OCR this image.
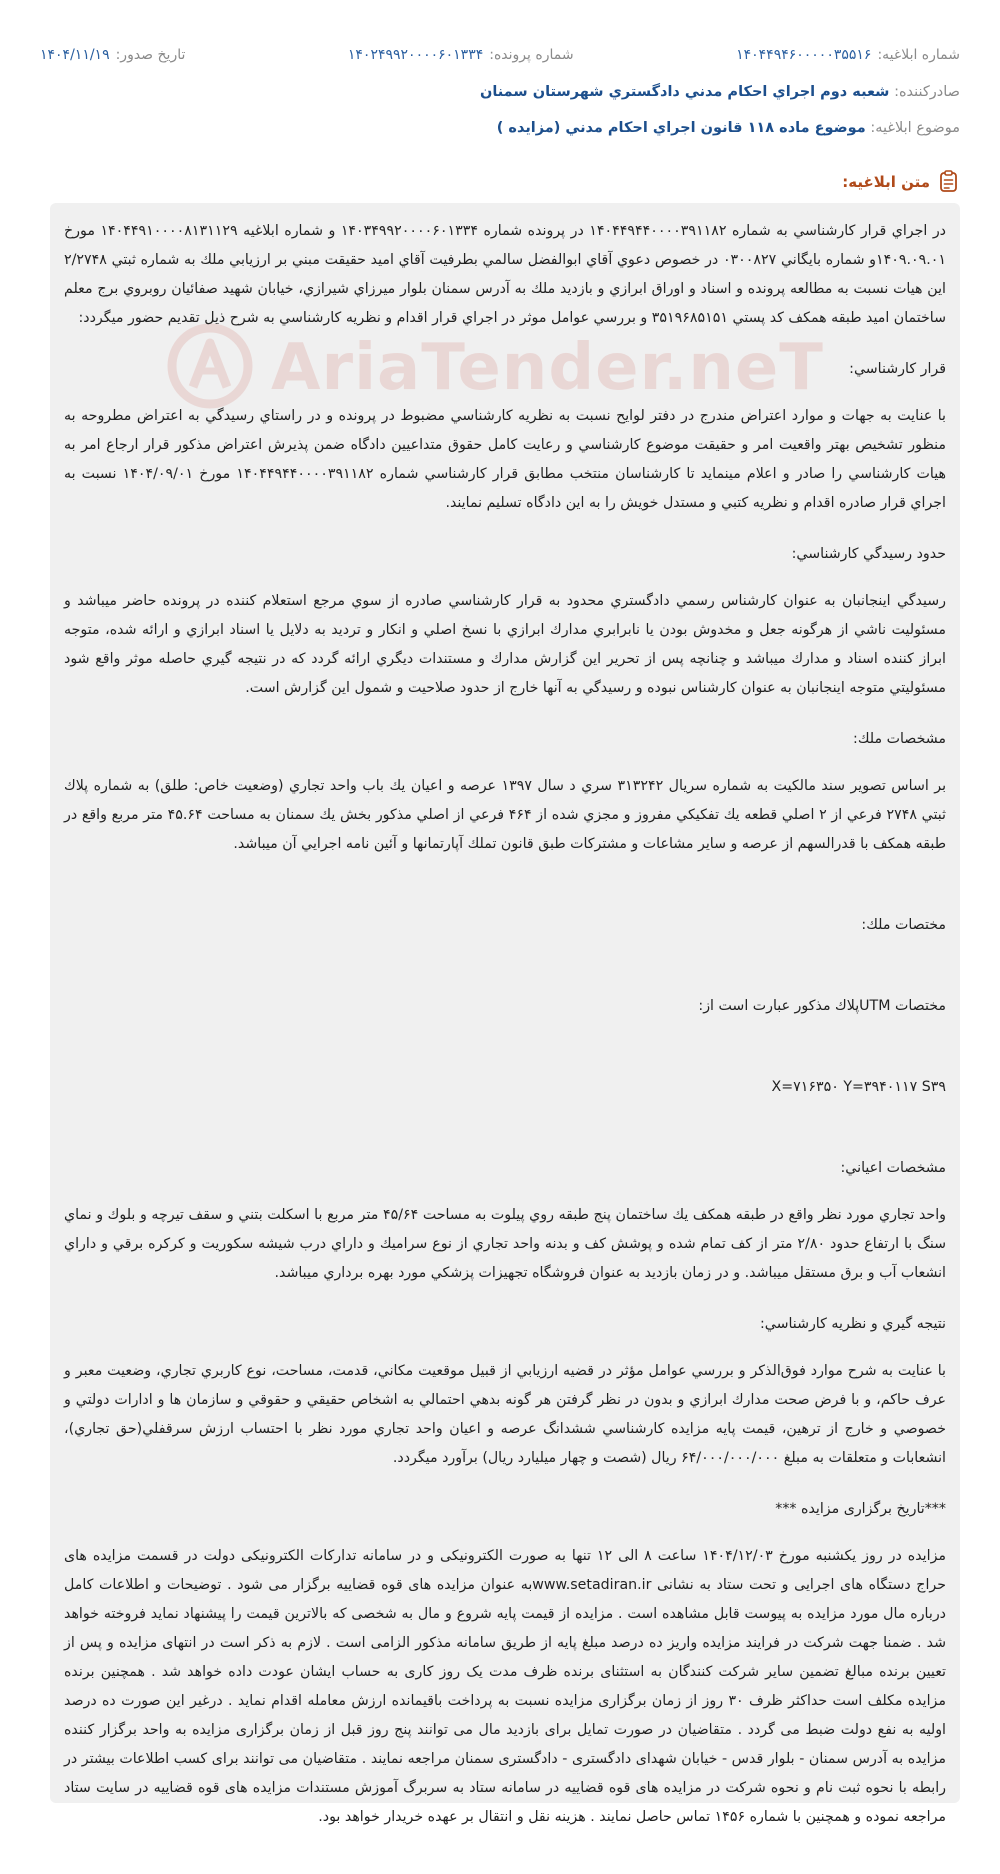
شماره ابلاغيه:
۱۴۰۴۴۹۴۶۰۰۰۰۰۳۵۵۱۶
شماره پرونده:
۱۴۰۲۴۹۹۲۰۰۰۰۶۰۱۳۳۴
تاريخ صدور:
۱۴۰۴/۱۱/۱۹
صادرکننده: شعبه دوم اجراي احكام مدني دادگستري شهرستان سمنان
موضوع ابلاغيه: موضوع ماده ۱۱۸ قانون اجراي احكام مدني (مزايده )
متن ابلاغيه:
AriaTender.neT

در اجراي قرار كارشناسي به شماره ۱۴۰۴۴۹۴۴۰۰۰۰۳۹۱۱۸۲ در پرونده شماره ۱۴۰۳۴۹۹۲۰۰۰۰۶۰۱۳۳۴ و شماره ابلاغيه ۱۴۰۴۴۹۱۰۰۰۰۸۱۳۱۱۲۹ مورخ ۱۴۰۹.۰۹.۰۱و شماره بايگاني ۰۳۰۰۸۲۷ در خصوص دعوي آقاي ابوالفضل سالمي بطرفيت آقاي امید حقيقت مبني بر ارزيابي ملك به شماره ثبتي ۲/۲۷۴۸ اين هيات نسبت به مطالعه پرونده و اسناد و اوراق ابرازي و بازديد ملك به آدرس سمنان بلوار ميرزاي شيرازي، خيابان شهيد صفائيان روبروي برج معلم ساختمان اميد طبقه همكف كد پستي ۳۵۱۹۶۸۵۱۵۱ و بررسي عوامل موثر در اجراي قرار اقدام و نظريه كارشناسي به شرح ذيل تقديم حضور ميگردد:

قرار كارشناسي:

با عنايت به جهات و موارد اعتراض مندرج در دفتر لوايح نسبت به نظريه كارشناسي مضبوط در پرونده و در راستاي رسيدگي به اعتراض مطروحه به منظور تشخيص بهتر واقعيت امر و حقيقت موضوع كارشناسي و رعايت كامل حقوق متداعيين دادگاه ضمن پذيرش اعتراض مذكور قرار ارجاع امر به هيات كارشناسي را صادر و اعلام مينمايد تا كارشناسان منتخب مطابق قرار كارشناسي شماره ۱۴۰۴۴۹۴۴۰۰۰۰۳۹۱۱۸۲ مورخ ۱۴۰۴/۰۹/۰۱ نسبت به اجراي قرار صادره اقدام و نظريه كتبي و مستدل خويش را به اين دادگاه تسليم نمايند.

حدود رسيدگي كارشناسي:

رسيدگي اينجانبان به عنوان كارشناس رسمي دادگستري محدود به قرار كارشناسي صادره از سوي مرجع استعلام كننده در پرونده حاضر ميباشد و مسئوليت ناشي از هرگونه جعل و مخدوش بودن يا نابرابري مدارك ابرازي با نسخ اصلي و انكار و ترديد به دلايل يا اسناد ابرازي و ارائه شده، متوجه ابراز كننده اسناد و مدارك ميباشد و چنانچه پس از تحرير اين گزارش مدارك و مستندات ديگري ارائه گردد كه در نتيجه گيري حاصله موثر واقع شود مسئوليتي متوجه اينجانبان به عنوان كارشناس نبوده و رسيدگي به آنها خارج از حدود صلاحيت و شمول اين گزارش است.

مشخصات ملك:

بر اساس تصوير سند مالكيت به شماره سريال ۳۱۳۲۴۲ سري د سال ۱۳۹۷ عرصه و اعيان يك باب واحد تجاري (وضعيت خاص: طلق) به شماره پلاك ثبتي ۲۷۴۸ فرعي از ۲ اصلي قطعه يك تفكيكي مفروز و مجزي شده از ۴۶۴ فرعي از اصلي مذكور بخش يك سمنان به مساحت ۴۵.۶۴ متر مربع واقع در طبقه همكف با قدرالسهم از عرصه و ساير مشاعات و مشتركات طبق قانون تملك آپارتمانها و آئين نامه اجرايي آن ميباشد.

مختصات ملك:

مختصات UTMپلاك مذكور عبارت است از:

X=۷۱۶۳۵۰ Y=۳۹۴۰۱۱۷ S۳۹

مشخصات اعياني:

واحد تجاري مورد نظر واقع در طبقه همكف يك ساختمان پنج طبقه روي پيلوت به مساحت ۴۵/۶۴ متر مربع با اسكلت بتني و سقف تيرچه و بلوك و نماي سنگ با ارتفاع حدود ۲/۸۰ متر از كف تمام شده و پوشش كف و بدنه واحد تجاري از نوع سراميك و داراي درب شيشه سكوريت و كركره برقي و داراي انشعاب آب و برق مستقل ميباشد. و در زمان بازديد به عنوان فروشگاه تجهيزات پزشكي مورد بهره برداري ميباشد.

نتيجه گيري و نظريه كارشناسي:

با عنايت به شرح موارد فوق‌الذكر و بررسي عوامل مؤثر در قضيه ارزيابي از قبيل موقعيت مكاني، قدمت، مساحت، نوع كاربري تجاري، وضعيت معبر و عرف حاكم، و با فرض صحت مدارك ابرازي و بدون در نظر گرفتن هر گونه بدهي احتمالي به اشخاص حقيقي و حقوقي و سازمان ها و ادارات دولتي و خصوصي و خارج از ترهين، قيمت پايه مزايده كارشناسي ششدانگ عرصه و اعيان واحد تجاري مورد نظر با احتساب ارزش سرقفلي(حق تجاري)، انشعابات و متعلقات به مبلغ ۶۴/۰۰۰/۰۰۰/۰۰۰ ريال (شصت و چهار ميليارد ريال) برآورد ميگردد.

***تاریخ برگزاری مزایده ***

مزایده در روز یکشنبه مورخ ۱۴۰۴/۱۲/۰۳ ساعت ۸ الی ۱۲ تنها به صورت الکترونیکی و در سامانه تدارکات الکترونیکی دولت در قسمت مزایده های حراج دستگاه های اجرایی و تحت ستاد به نشانی www.setadiran.irبه عنوان مزایده های قوه قضاییه برگزار می شود . توضیحات و اطلاعات کامل درباره مال مورد مزایده به پیوست قابل مشاهده است . مزایده از قیمت پایه شروع و مال به شخصی که بالاترین قیمت را پیشنهاد نماید فروخته خواهد شد . ضمنا جهت شرکت در فرایند مزایده واریز ده درصد مبلغ پایه از طریق سامانه مذکور الزامی است . لازم به ذکر است در انتهای مزایده و پس از تعیین برنده مبالغ تضمین سایر شرکت کنندگان به استثنای برنده ظرف مدت یک روز کاری به حساب ایشان عودت داده خواهد شد . همچنین برنده مزایده مکلف است حداکثر ظرف ۳۰ روز از زمان برگزاری مزایده نسبت به پرداخت باقیمانده ارزش معامله اقدام نماید . درغیر این صورت ده درصد اولیه به نفع دولت ضبط می گردد . متقاضیان در صورت تمایل برای بازدید مال می توانند پنج روز قبل از زمان برگزاری مزایده به واحد برگزار کننده مزایده به آدرس سمنان - بلوار قدس - خیابان شهدای دادگستری - دادگستری سمنان مراجعه نمایند . متقاضیان می توانند برای کسب اطلاعات بیشتر در رابطه با نحوه ثبت نام و نحوه شرکت در مزایده های قوه قضاییه در سامانه ستاد به سربرگ آموزش مستندات مزایده های قوه قضاییه در سایت ستاد مراجعه نموده و همچنین با شماره ۱۴۵۶ تماس حاصل نمایند . هزینه نقل و انتقال بر عهده خریدار خواهد بود.
